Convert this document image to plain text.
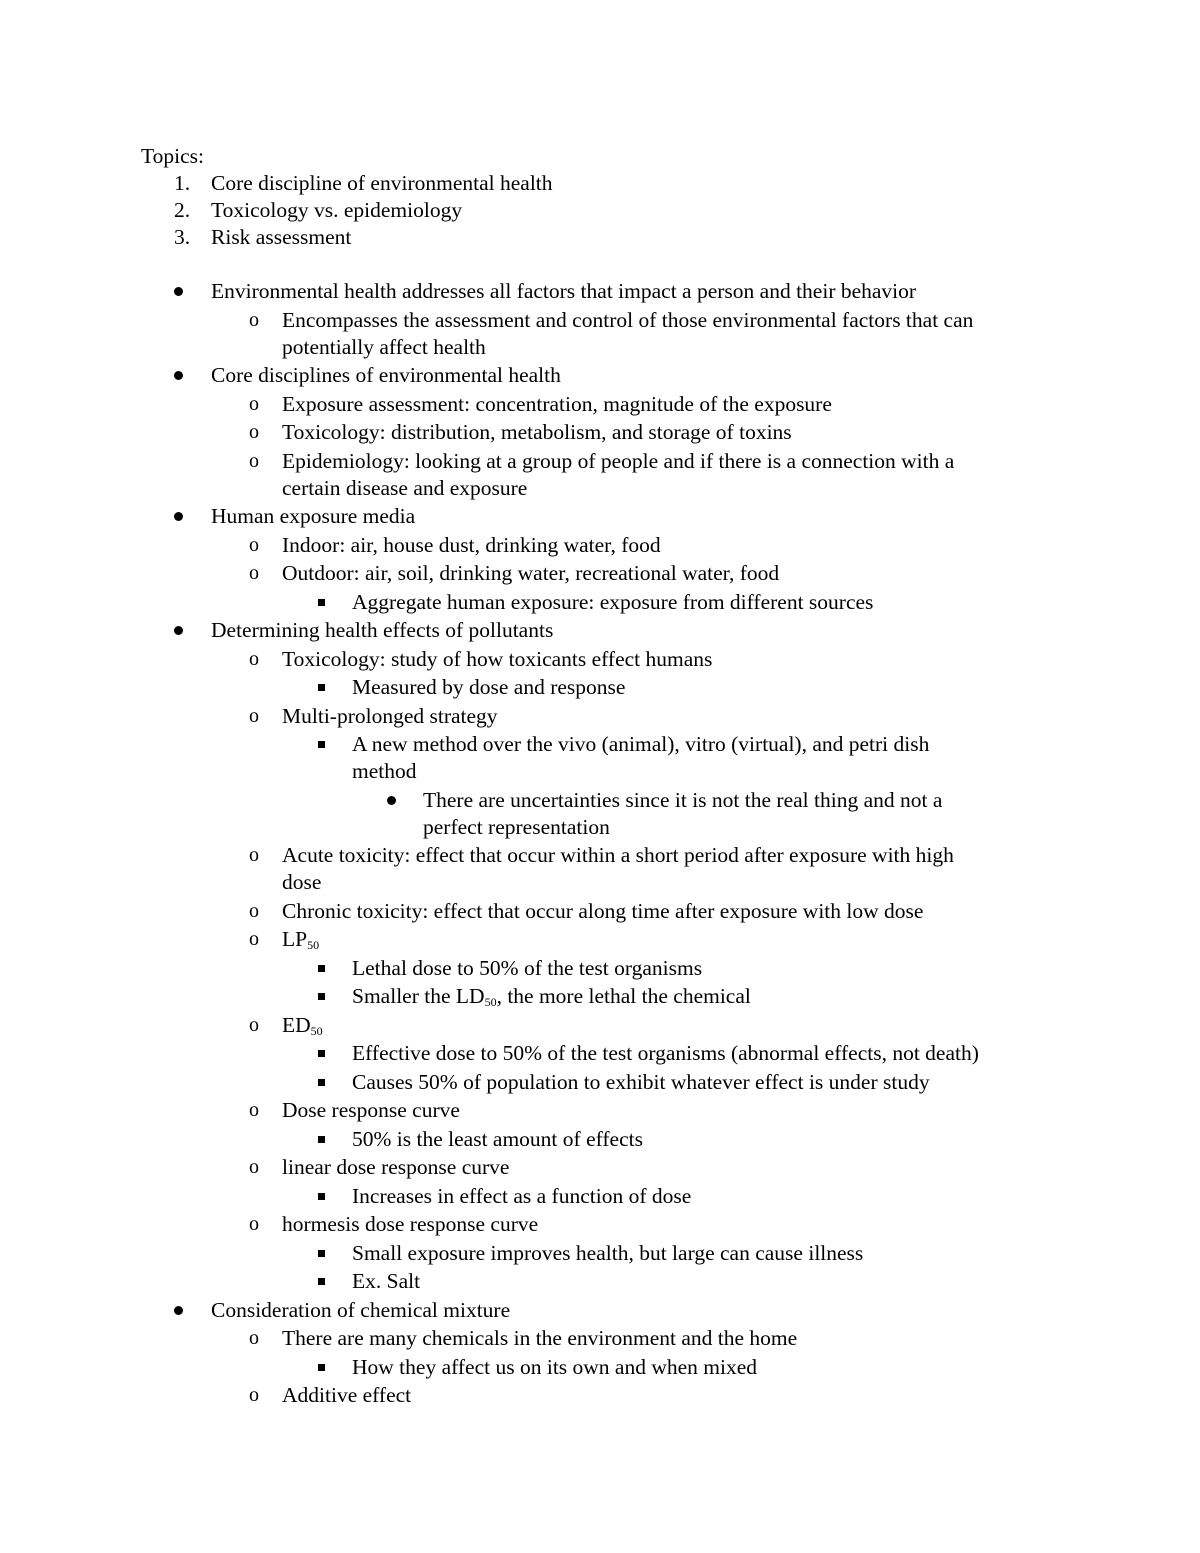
Topics:
1. Core discipline of environmental health
2. Toxicology vs. epidemiology
3. Risk assessment
Environmental health addresses all factors that impact a person and their behavior
o Encompasses the assessment and control of those environmental factors that can
potentially affect health
Core disciplines of environmental health
o Exposure assessment: concentration, magnitude of the exposure
o Toxicology: distribution, metabolism, and storage of toxins
o Epidemiology: looking at a group of people and if there is a connection with a
certain disease and exposure
Human exposure media
o Indoor: air, house dust, drinking water, food
o Outdoor: air, soil, drinking water, recreational water, food
Aggregate human exposure: exposure from different sources
Determining health effects of pollutants
o Toxicology: study of how toxicants effect humans
Measured by dose and response
o Multi-prolonged strategy
A new method over the vivo (animal), vitro (virtual), and petri dish
method
There are uncertainties since it is not the real thing and not a
perfect representation
o Acute toxicity: effect that occur within a short period after exposure with high
dose
o Chronic toxicity: effect that occur along time after exposure with low dose
o $LP_{50}$
Lethal dose to 50% of the test organisms
Smaller the $LD_{50}$, the more lethal the chemical
o $ED_{50}$
Effective dose to 50% of the test organisms (abnormal effects, not death)
Causes 50% of population to exhibit whatever effect is under study
o Dose response curve
50% is the least amount of effects
o linear dose response curve
Increases in effect as a function of dose
o hormesis dose response curve
Small exposure improves health, but large can cause illness
Ex. Salt
Consideration of chemical mixture
o There are many chemicals in the environment and the home
How they affect us on its own and when mixed
o Additive effect
